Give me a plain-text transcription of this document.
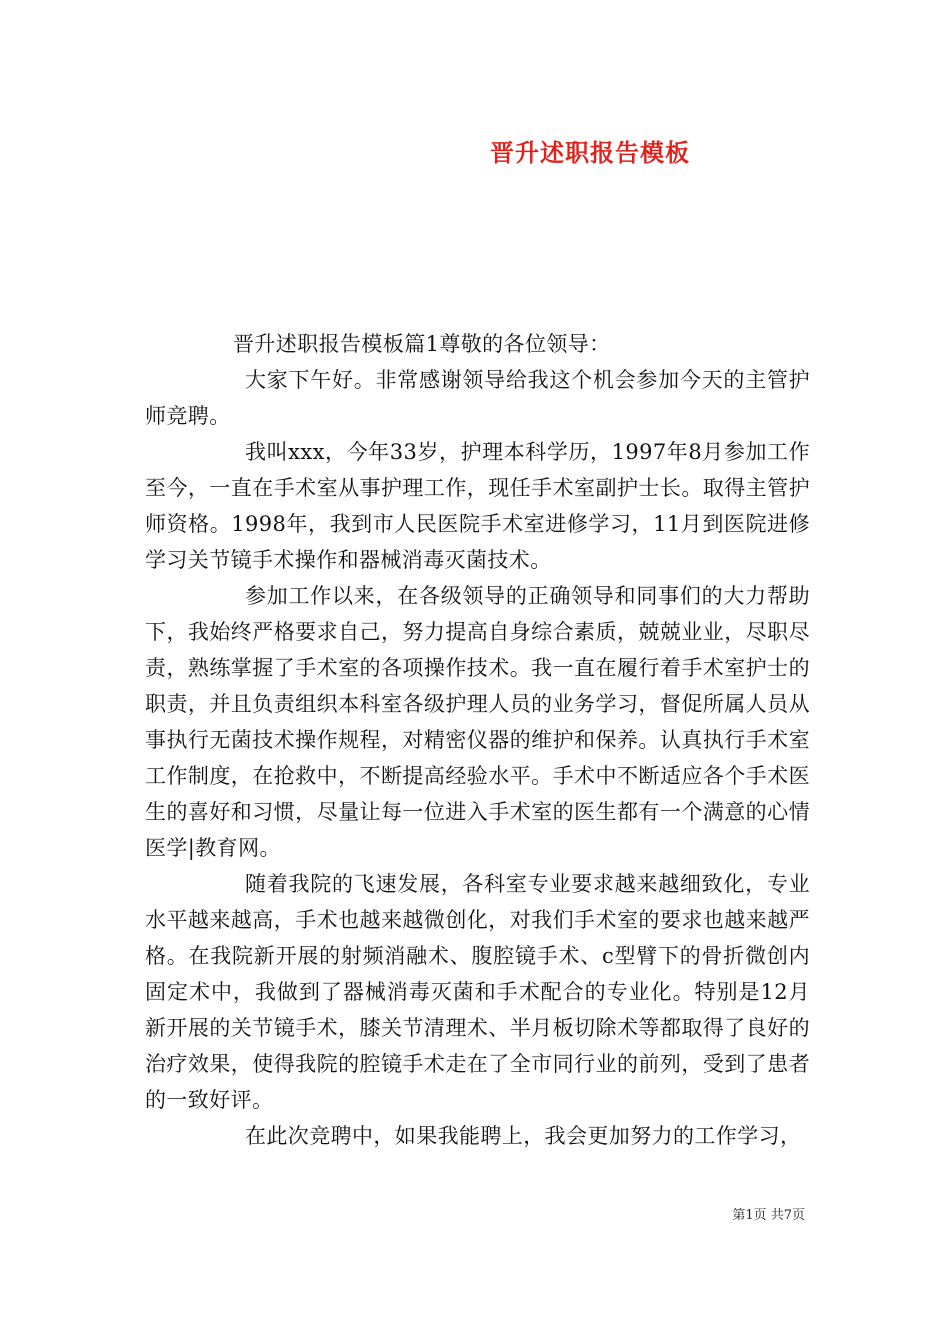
晋升述职报告模板

晋升述职报告模板篇1尊敬的各位领导：

大家下午好。非常感谢领导给我这个机会参加今天的主管护师竞聘。

我叫xxx，今年33岁，护理本科学历，1997年8月参加工作至今，一直在手术室从事护理工作，现任手术室副护士长。取得主管护师资格。1998年，我到市人民医院手术室进修学习，11月到医院进修学习关节镜手术操作和器械消毒灭菌技术。

参加工作以来，在各级领导的正确领导和同事们的大力帮助下，我始终严格要求自己，努力提高自身综合素质，兢兢业业，尽职尽责，熟练掌握了手术室的各项操作技术。我一直在履行着手术室护士的职责，并且负责组织本科室各级护理人员的业务学习，督促所属人员从事执行无菌技术操作规程，对精密仪器的维护和保养。认真执行手术室工作制度，在抢救中，不断提高经验水平。手术中不断适应各个手术医生的喜好和习惯，尽量让每一位进入手术室的医生都有一个满意的心情医学|教育网。

随着我院的飞速发展，各科室专业要求越来越细致化，专业水平越来越高，手术也越来越微创化，对我们手术室的要求也越来越严格。在我院新开展的射频消融术、腹腔镜手术、c型臂下的骨折微创内固定术中，我做到了器械消毒灭菌和手术配合的专业化。特别是12月新开展的关节镜手术，膝关节清理术、半月板切除术等都取得了良好的治疗效果，使得我院的腔镜手术走在了全市同行业的前列，受到了患者的一致好评。

在此次竞聘中，如果我能聘上，我会更加努力的工作学习，

第1页 共7页
